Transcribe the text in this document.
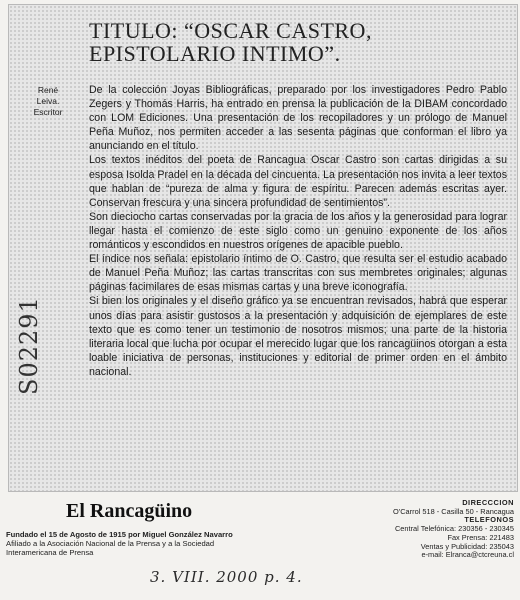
TITULO: “OSCAR CASTRO,
EPISTOLARIO INTIMO”.
René
Leiva.
Escritor
S02291

De la colección Joyas Bibliográficas, preparado por los investigadores Pedro Pablo Zegers y Thomás Harris, ha entrado en prensa la publicación de la DIBAM concordado con LOM Ediciones. Una presentación de los recopiladores y un prólogo de Manuel Peña Muñoz, nos permiten acceder a las sesenta páginas que conforman el libro ya anunciando en el título.

Los textos inéditos del poeta de Rancagua Oscar Castro son cartas dirigidas a su esposa Isolda Pradel en la década del cincuenta. La presentación nos invita a leer textos que hablan de “pureza de alma y figura de espíritu. Parecen además escritas ayer. Conservan frescura y una sincera profundidad de sentimientos”.

Son dieciocho cartas conservadas por la gracia de los años y la generosidad para lograr llegar hasta el comienzo de este siglo como un genuino exponente de los años románticos y escondidos en nuestros orígenes de apacible pueblo.

El índice nos señala: epistolario íntimo de O. Castro, que resulta ser el estudio acabado de Manuel Peña Muñoz; las cartas transcritas con sus membretes originales; algunas páginas facimilares de esas mismas cartas y una breve iconografía.

Si bien los originales y el diseño gráfico ya se encuentran revisados, habrá que esperar unos días para asistir gustosos a la presentación y adquisición de ejemplares de este texto que es como tener un testimonio de nosotros mismos; una parte de la historia literaria local que lucha por ocupar el merecido lugar que los rancagüinos otorgan a esta loable iniciativa de personas, instituciones y editorial de primer orden en el ámbito nacional.

El Rancagüino
Fundado el 15 de Agosto de 1915 por Miguel González Navarro
Afiliado a la Asociación Nacional de la Prensa y a la Sociedad
Interamericana de Prensa
DIRECCCION
O'Carrol 518 - Casilla 50 - Rancagua
TELEFONOS
Central Telefónica: 230356 - 230345
Fax Prensa: 221483
Ventas y Publicidad: 235043
e-mail: Elranca@ctcreuna.cl
3. VIII. 2000 p. 4.
